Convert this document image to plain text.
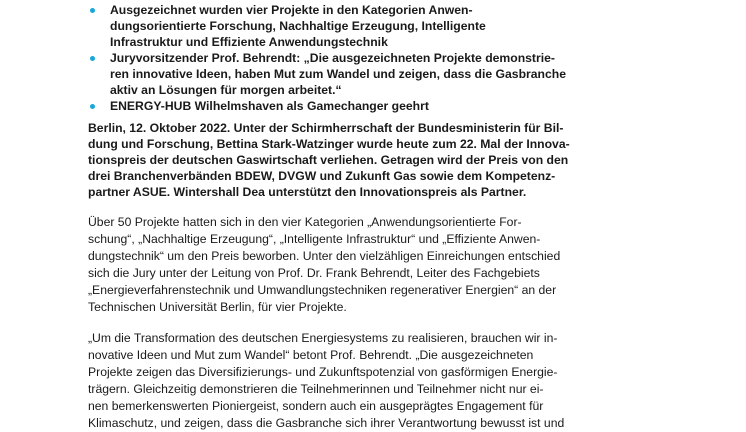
Ausgezeichnet wurden vier Projekte in den Kategorien Anwen-
dungsorientierte Forschung, Nachhaltige Erzeugung, Intelligente
Infrastruktur und Effiziente Anwendungstechnik
Juryvorsitzender Prof. Behrendt: „Die ausgezeichneten Projekte demonstrie-
ren innovative Ideen, haben Mut zum Wandel und zeigen, dass die Gasbranche
aktiv an Lösungen für morgen arbeitet.“
ENERGY-HUB Wilhelmshaven als Gamechanger geehrt
Berlin, 12. Oktober 2022. Unter der Schirmherrschaft der Bundesministerin für Bil-
dung und Forschung, Bettina Stark-Watzinger wurde heute zum 22. Mal der Innova-
tionspreis der deutschen Gaswirtschaft verliehen. Getragen wird der Preis von den
drei Branchenverbänden BDEW, DVGW und Zukunft Gas sowie dem Kompetenz-
partner ASUE. Wintershall Dea unterstützt den Innovationspreis als Partner.
Über 50 Projekte hatten sich in den vier Kategorien „Anwendungsorientierte For-
schung“, „Nachhaltige Erzeugung“, „Intelligente Infrastruktur“ und „Effiziente Anwen-
dungstechnik“ um den Preis beworben. Unter den vielzähligen Einreichungen entschied
sich die Jury unter der Leitung von Prof. Dr. Frank Behrendt, Leiter des Fachgebiets
„Energieverfahrenstechnik und Umwandlungstechniken regenerativer Energien“ an der
Technischen Universität Berlin, für vier Projekte.
„Um die Transformation des deutschen Energiesystems zu realisieren, brauchen wir in-
novative Ideen und Mut zum Wandel“ betont Prof. Behrendt. „Die ausgezeichneten
Projekte zeigen das Diversifizierungs- und Zukunftspotenzial von gasförmigen Energie-
trägern. Gleichzeitig demonstrieren die Teilnehmerinnen und Teilnehmer nicht nur ei-
nen bemerkenswerten Pioniergeist, sondern auch ein ausgeprägtes Engagement für
Klimaschutz, und zeigen, dass die Gasbranche sich ihrer Verantwortung bewusst ist und
